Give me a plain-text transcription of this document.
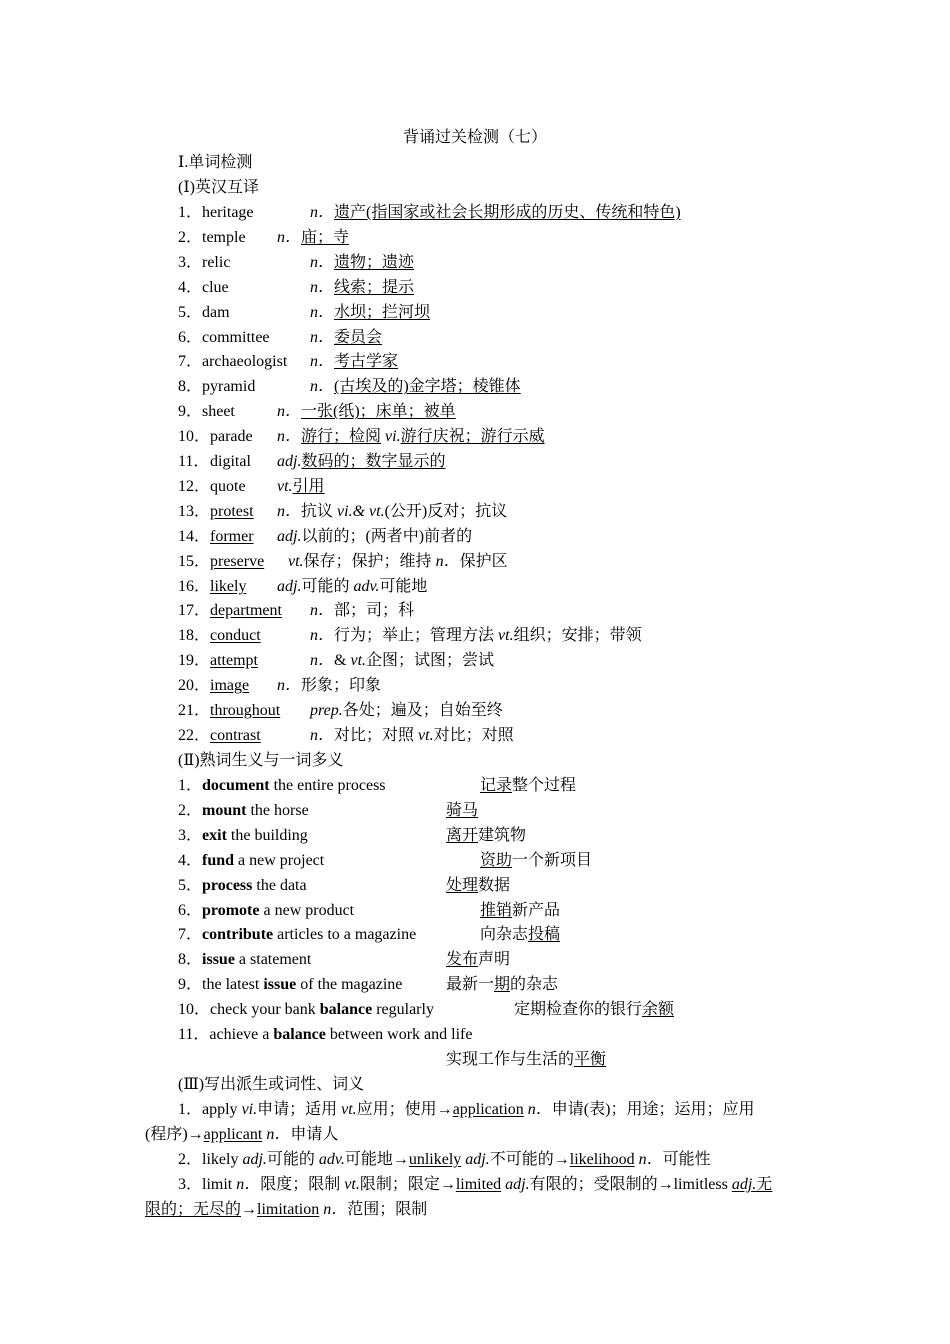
背诵过关检测（七）
Ⅰ.单词检测
(Ⅰ)英汉互译
1． heritage	n．遗产(指国家或社会长期形成的历史、传统和特色)
2． temple n．庙；寺
3． relic	n．遗物；遗迹
4． clue	n．线索；提示
5． dam	n．水坝；拦河坝
6． committee	n．委员会
7． archaeologist n．考古学家
8． pyramid	n．(古埃及的)金字塔；棱锥体
9． sheet	n．一张(纸)；床单；被单
10． parade n．游行；检阅 vi.游行庆祝；游行示威
11． digital adj.数码的；数字显示的
12． quote vt.引用
13． protest n．抗议 vi.& vt.(公开)反对；抗议
14． former adj.以前的；(两者中)前者的
15． preserve vt.保存；保护；维持 n．保护区
16． likely adj.可能的 adv.可能地
17． department n．部；司；科
18． conduct	n．行为；举止；管理方法 vt.组织；安排；带领
19． attempt	n．& vt.企图；试图；尝试
20． image n．形象；印象
21． throughout prep.各处；遍及；自始至终
22． contrast	n．对比；对照 vt.对比；对照
(Ⅱ)熟词生义与一词多义
1．document the entire process	记录整个过程
2．mount the horse	骑马
3．exit the building	离开建筑物
4．fund a new project	资助一个新项目
5．process the data	处理数据
6．promote a new product	推销新产品
7．contribute articles to a magazine	向杂志投稿
8．issue a statement	发布声明
9．the latest issue of the magazine	最新一期的杂志
10．check your bank balance regularly	定期检查你的银行余额
11．achieve a balance between work and life
实现工作与生活的平衡
(Ⅲ)写出派生或词性、词义
1．apply vi.申请；适用 vt.应用；使用→application n．申请(表)；用途；运用；应用
(程序)→applicant n．申请人
2．likely adj.可能的 adv.可能地→unlikely adj.不可能的→likelihood n．可能性
3．limit n．限度；限制 vt.限制；限定→limited adj.有限的；受限制的→limitless adj.无
限的；无尽的→limitation n．范围；限制
